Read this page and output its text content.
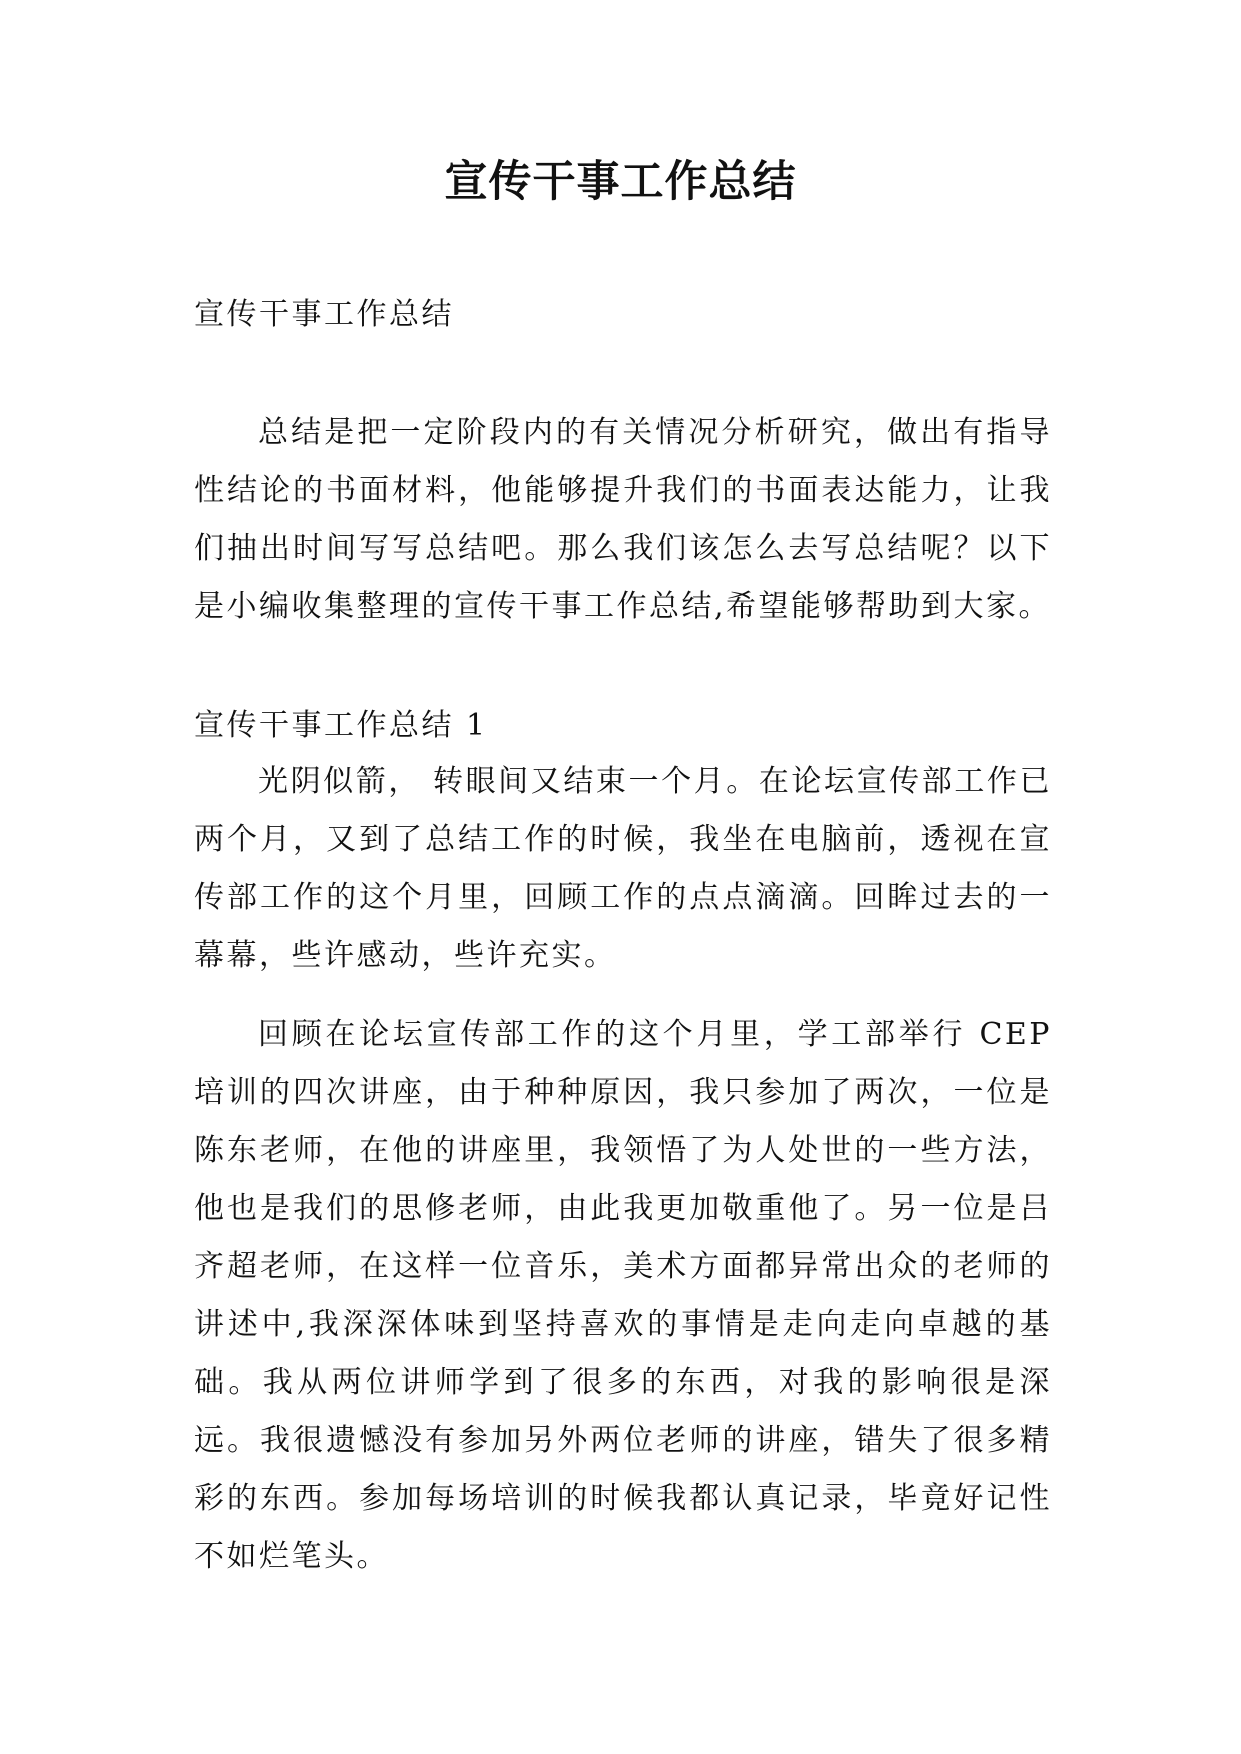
宣传干事工作总结

宣传干事工作总结

总结是把一定阶段内的有关情况分析研究，做出有指导性结论的书面材料，他能够提升我们的书面表达能力，让我们抽出时间写写总结吧。那么我们该怎么去写总结呢？以下是小编收集整理的宣传干事工作总结,希望能够帮助到大家。

宣传干事工作总结 1

光阴似箭， 转眼间又结束一个月。在论坛宣传部工作已两个月，又到了总结工作的时候，我坐在电脑前，透视在宣传部工作的这个月里，回顾工作的点点滴滴。回眸过去的一幕幕，些许感动，些许充实。

回顾在论坛宣传部工作的这个月里，学工部举行 CEP 培训的四次讲座，由于种种原因，我只参加了两次，一位是陈东老师，在他的讲座里，我领悟了为人处世的一些方法，他也是我们的思修老师，由此我更加敬重他了。另一位是吕齐超老师，在这样一位音乐，美术方面都异常出众的老师的讲述中,我深深体味到坚持喜欢的事情是走向走向卓越的基础。我从两位讲师学到了很多的东西，对我的影响很是深远。我很遗憾没有参加另外两位老师的讲座，错失了很多精彩的东西。参加每场培训的时候我都认真记录，毕竟好记性不如烂笔头。
